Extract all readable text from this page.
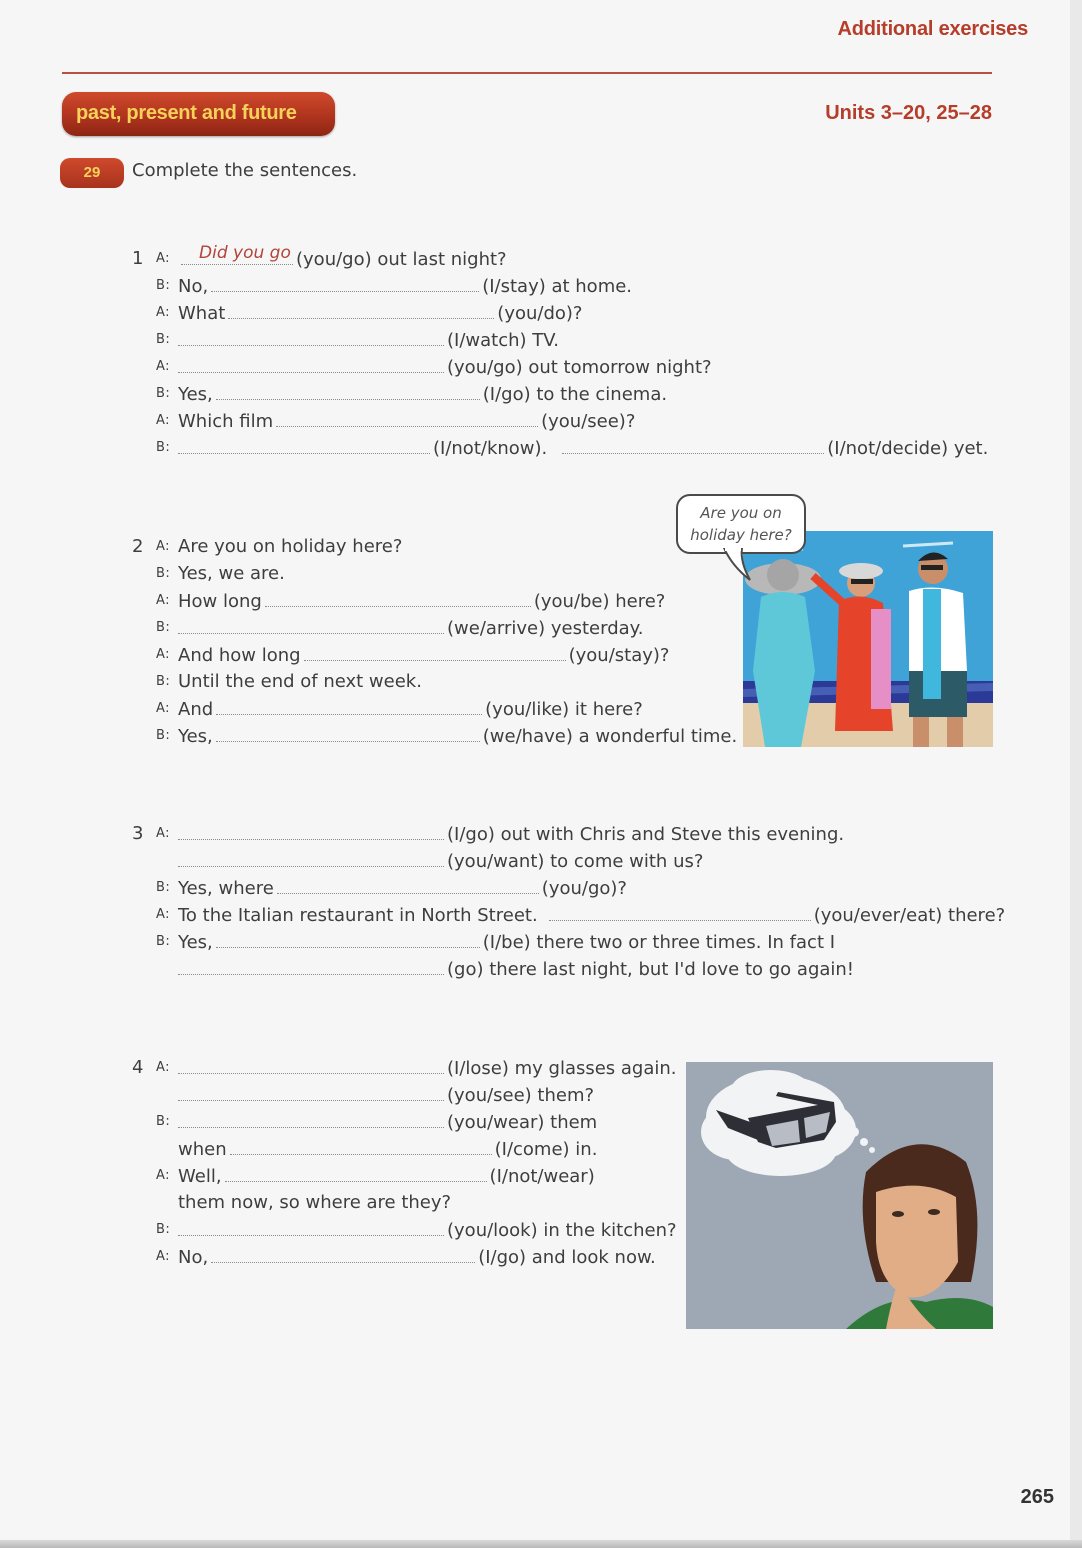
Additional exercises
past, present and future	Units 3–20, 25–28
29	Complete the sentences.
1 A: Did you go (you/go) out last night?
B: No,	(I/stay) at home.
A: What	(you/do)?
B:	(I/watch) TV.
A:	(you/go) out tomorrow night?
B: Yes,	(I/go) to the cinema.
A: Which film	(you/see)?
B:	(I/not/know).	(I/not/decide) yet.
2 A: Are you on holiday here?
B: Yes, we are.
A: How long	(you/be) here?
B:	(we/arrive) yesterday.
A: And how long	(you/stay)?
B: Until the end of next week.
A: And	(you/like) it here?
B: Yes,	(we/have) a wonderful time.
Are you on holiday here?
3 A:	(I/go) out with Chris and Steve this evening.
(you/want) to come with us?
B: Yes, where	(you/go)?
A: To the Italian restaurant in North Street.	(you/ever/eat) there?
B: Yes,	(I/be) there two or three times. In fact I
(go) there last night, but I'd love to go again!
4 A:	(I/lose) my glasses again.
(you/see) them?
B:	(you/wear) them
when	(I/come) in.
A: Well,	(I/not/wear)
them now, so where are they?
B:	(you/look) in the kitchen?
A: No,	(I/go) and look now.
265
